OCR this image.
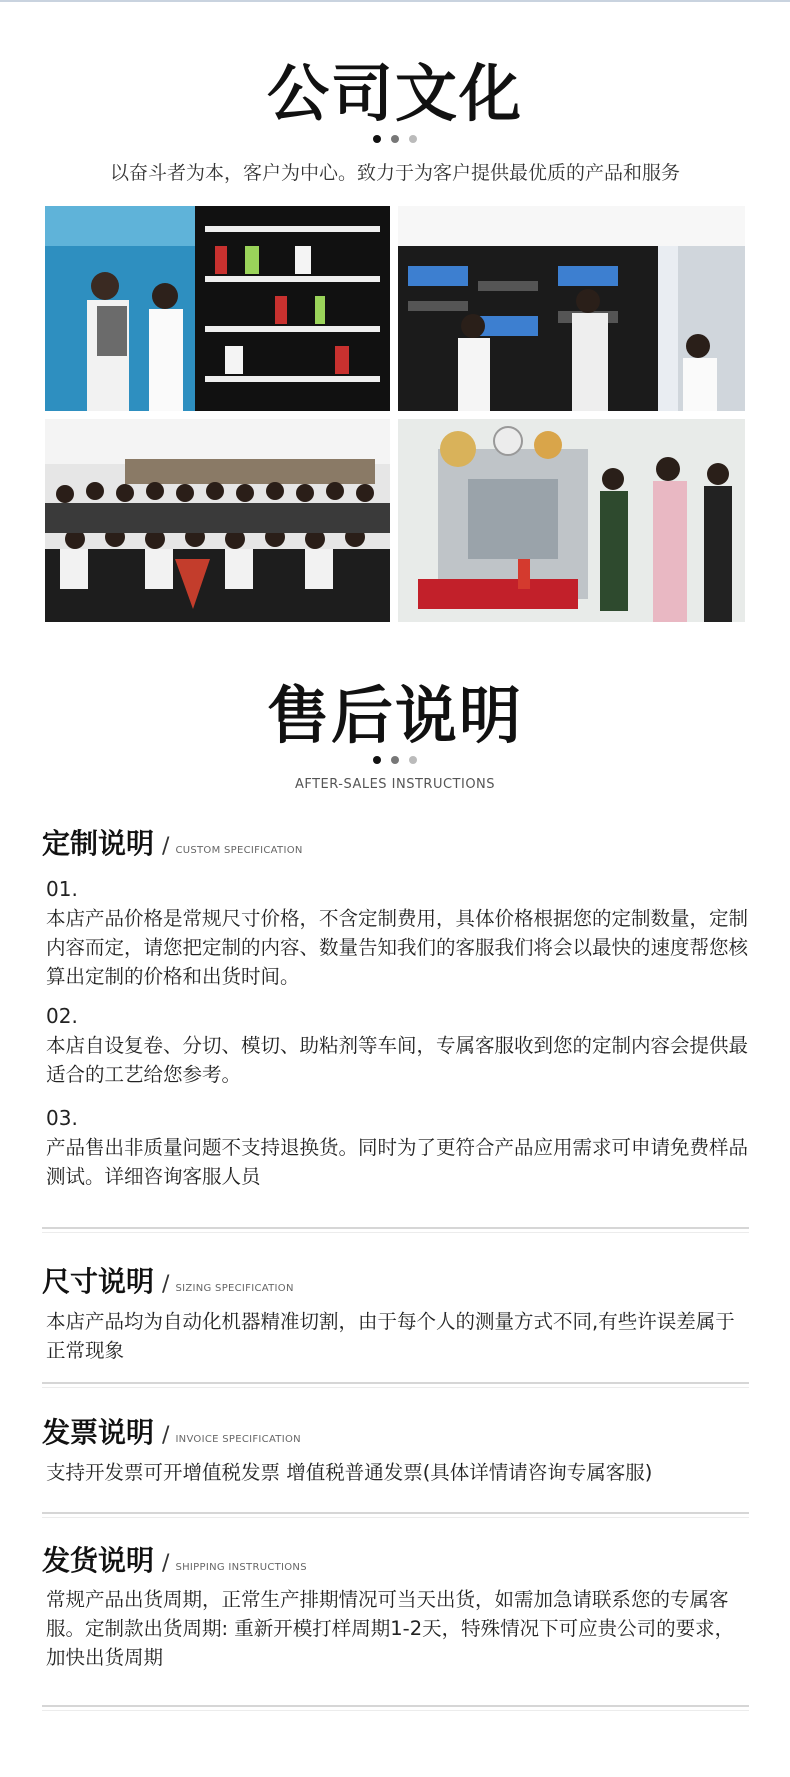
公司文化
以奋斗者为本，客户为中心。致力于为客户提供最优质的产品和服务
售后说明
AFTER-SALES INSTRUCTIONS
定制说明 / CUSTOM SPECIFICATION
01.
本店产品价格是常规尺寸价格，不含定制费用，具体价格根据您的定制数量，定制内容而定，请您把定制的内容、数量告知我们的客服我们将会以最快的速度帮您核算出定制的价格和出货时间。
02.
本店自设复卷、分切、模切、助粘剂等车间，专属客服收到您的定制内容会提供最适合的工艺给您参考。
03.
产品售出非质量问题不支持退换货。同时为了更符合产品应用需求可申请免费样品测试。详细咨询客服人员
尺寸说明 / SIZING SPECIFICATION
本店产品均为自动化机器精准切割，由于每个人的测量方式不同,有些许误差属于正常现象
发票说明 / INVOICE SPECIFICATION
支持开发票可开增值税发票 增值税普通发票(具体详情请咨询专属客服)
发货说明 / SHIPPING INSTRUCTIONS
常规产品出货周期，正常生产排期情况可当天出货，如需加急请联系您的专属客服。定制款出货周期: 重新开模打样周期1-2天，特殊情况下可应贵公司的要求，加快出货周期
